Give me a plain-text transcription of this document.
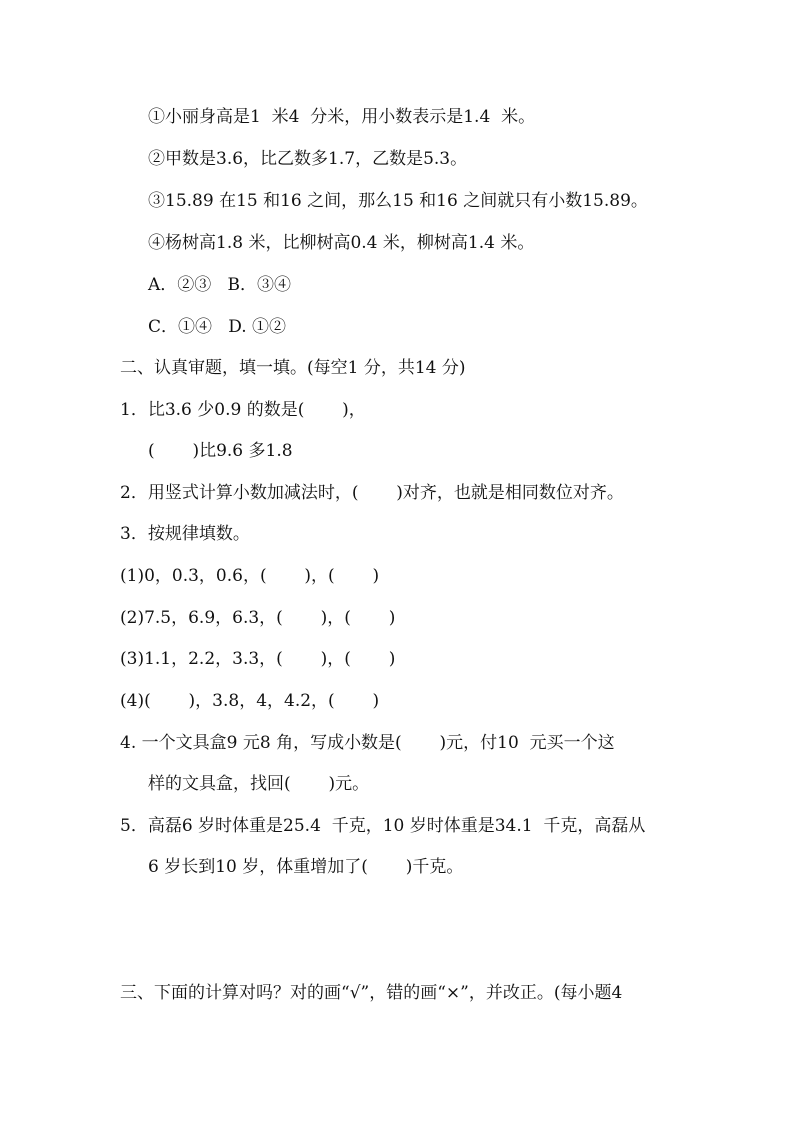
①小丽身高是1  米4  分米，用小数表示是1.4  米。
②甲数是3.6，比乙数多1.7，乙数是5.3。
③15.89 在15 和16 之间，那么15 和16 之间就只有小数15.89。
④杨树高1.8 米，比柳树高0.4 米，柳树高1.4 米。
A．②③   B．③④
C．①④   D. ①②
二、认真审题，填一填。(每空1 分，共14 分)
1．比3.6 少0.9 的数是(       )，
(       )比9.6 多1.8
2．用竖式计算小数加减法时，(       )对齐，也就是相同数位对齐。
3．按规律填数。
(1)0，0.3，0.6，(       )，(       )
(2)7.5，6.9，6.3，(       )，(       )
(3)1.1，2.2，3.3，(       )，(       )
(4)(       )，3.8，4，4.2，(       )
4. 一个文具盒9 元8 角，写成小数是(       )元，付10  元买一个这
样的文具盒，找回(       )元。
5．高磊6 岁时体重是25.4  千克，10 岁时体重是34.1  千克，高磊从
6 岁长到10 岁，体重增加了(       )千克。
三、下面的计算对吗？对的画“√”，错的画“×”，并改正。(每小题4
